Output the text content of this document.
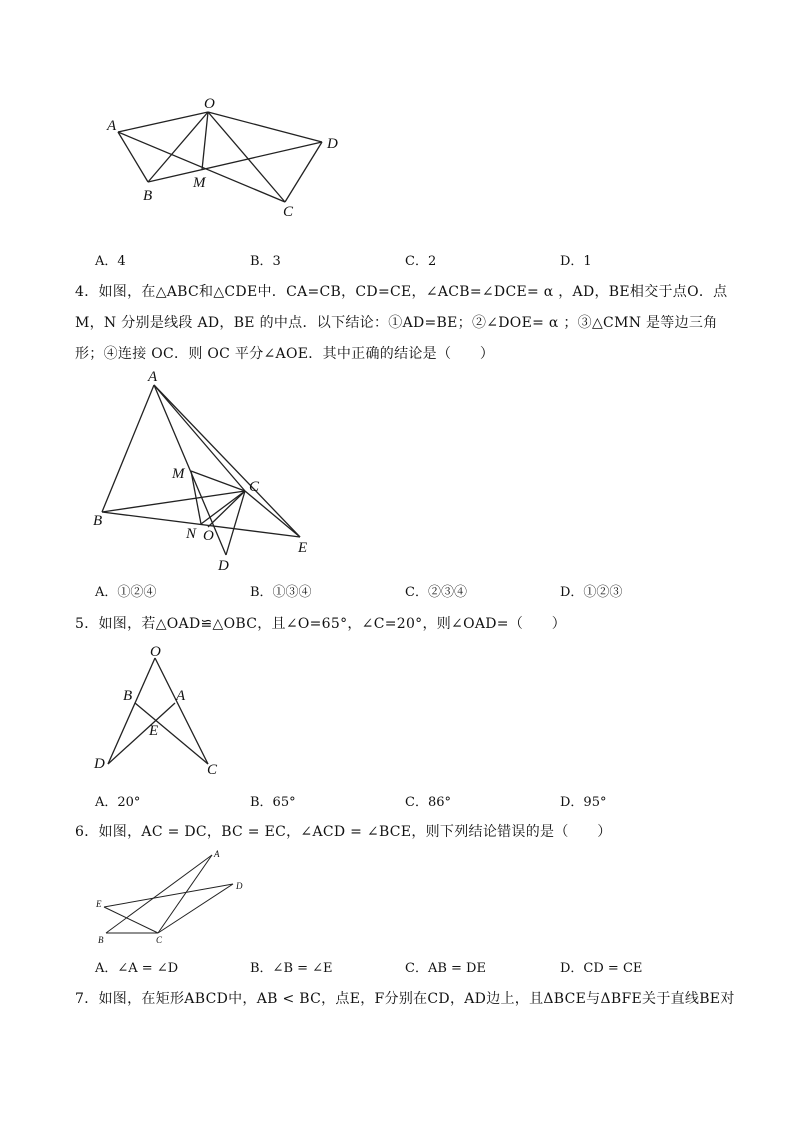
O
A
D
B
M
C
A．4	B．3	C．2	D．1
4．如图，在△ABC和△CDE中．CA=CB，CD=CE，∠ACB=∠DCE= α ，AD，BE相交于点O．点
M，N 分别是线段 AD，BE 的中点．以下结论：①AD=BE；②∠DOE= α ；③△CMN 是等边三角
形；④连接 OC．则 OC 平分∠AOE．其中正确的结论是（　　）
A
M
C
B
N O
E
D
A．①②④	B．①③④	C．②③④	D．①②③
5．如图，若△OAD≌△OBC，且∠O=65°，∠C=20°，则∠OAD=（　　）
O
B	A
E
D	C
A．20°	B．65°	C．86°	D．95°
6．如图，AC = DC，BC = EC，∠ACD = ∠BCE，则下列结论错误的是（　　）
A
D
E
B	C
A．∠A = ∠D	B．∠B = ∠E	C．AB = DE	D．CD = CE
7．如图，在矩形ABCD中，AB < BC，点E，F分别在CD，AD边上，且ΔBCE与ΔBFE关于直线BE对
